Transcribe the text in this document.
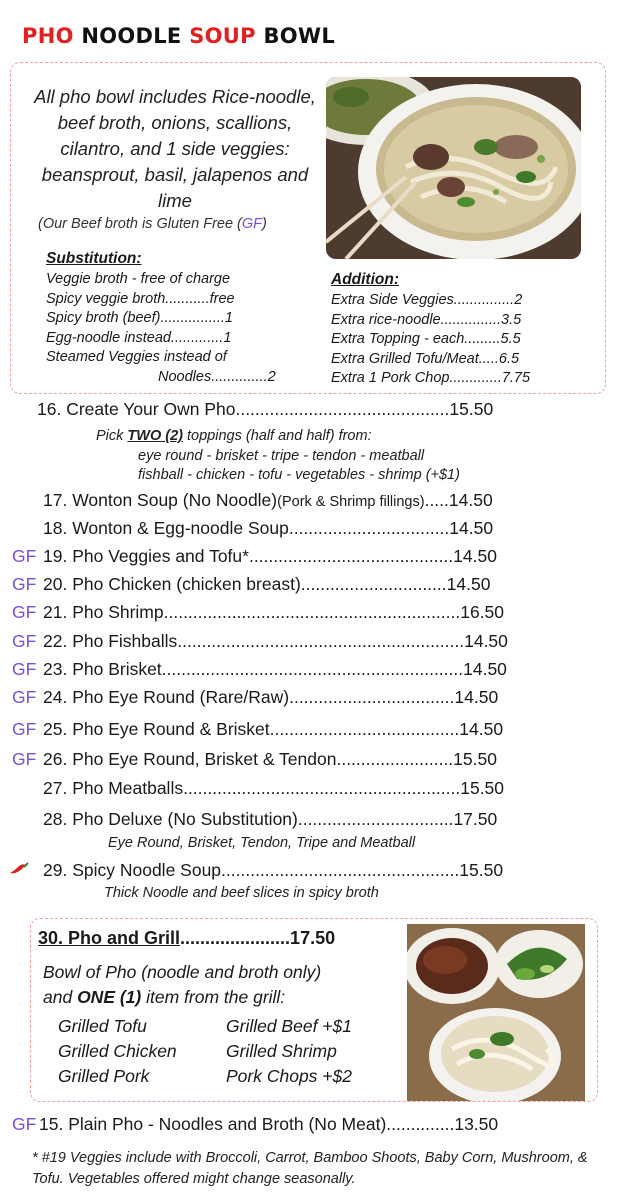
PHO NOODLE SOUP BOWL
All pho bowl includes Rice-noodle, beef broth, onions, scallions, cilantro, and 1 side veggies: beansprout, basil, jalapenos and lime
(Our Beef broth is Gluten Free (GF)
Substitution:
Veggie broth - free of charge
Spicy veggie broth...........free
Spicy broth (beef)................1
Egg-noodle instead.............1
Steamed Veggies instead of
Noodles..............2
Addition:
Extra Side Veggies...............2
Extra rice-noodle...............3.5
Extra Topping - each.........5.5
Extra Grilled Tofu/Meat.....6.5
Extra 1 Pork Chop.............7.75
16. Create Your Own Pho............................................15.50
Pick TWO (2) toppings (half and half) from:

eye round - brisket - tripe - tendon - meatball
fishball - chicken - tofu - vegetables - shrimp (+$1)
17. Wonton Soup (No Noodle)(Pork & Shrimp fillings).....14.50
18. Wonton & Egg-noodle Soup.................................14.50
GF 19. Pho Veggies and Tofu*..........................................14.50
GF 20. Pho Chicken (chicken breast)..............................14.50
GF 21. Pho Shrimp.............................................................16.50
GF 22. Pho Fishballs...........................................................14.50
GF 23. Pho Brisket..............................................................14.50
GF 24. Pho Eye Round (Rare/Raw)..................................14.50
GF 25. Pho Eye Round & Brisket.......................................14.50
GF 26. Pho Eye Round, Brisket & Tendon........................15.50
27. Pho Meatballs.........................................................15.50
28. Pho Deluxe (No Substitution)................................17.50
Eye Round, Brisket, Tendon, Tripe and Meatball
29. Spicy Noodle Soup.................................................15.50
Thick Noodle and beef slices in spicy broth
30. Pho and Grill......................17.50
Bowl of Pho (noodle and broth only)
and ONE (1) item from the grill:
Grilled Tofu
Grilled Chicken
Grilled Pork
Grilled Beef +$1
Grilled Shrimp
Pork Chops +$2
GF 15. Plain Pho - Noodles and Broth (No Meat)..............13.50
* #19 Veggies include with Broccoli, Carrot, Bamboo Shoots, Baby Corn, Mushroom, & Tofu. Vegetables offered might change seasonally.
